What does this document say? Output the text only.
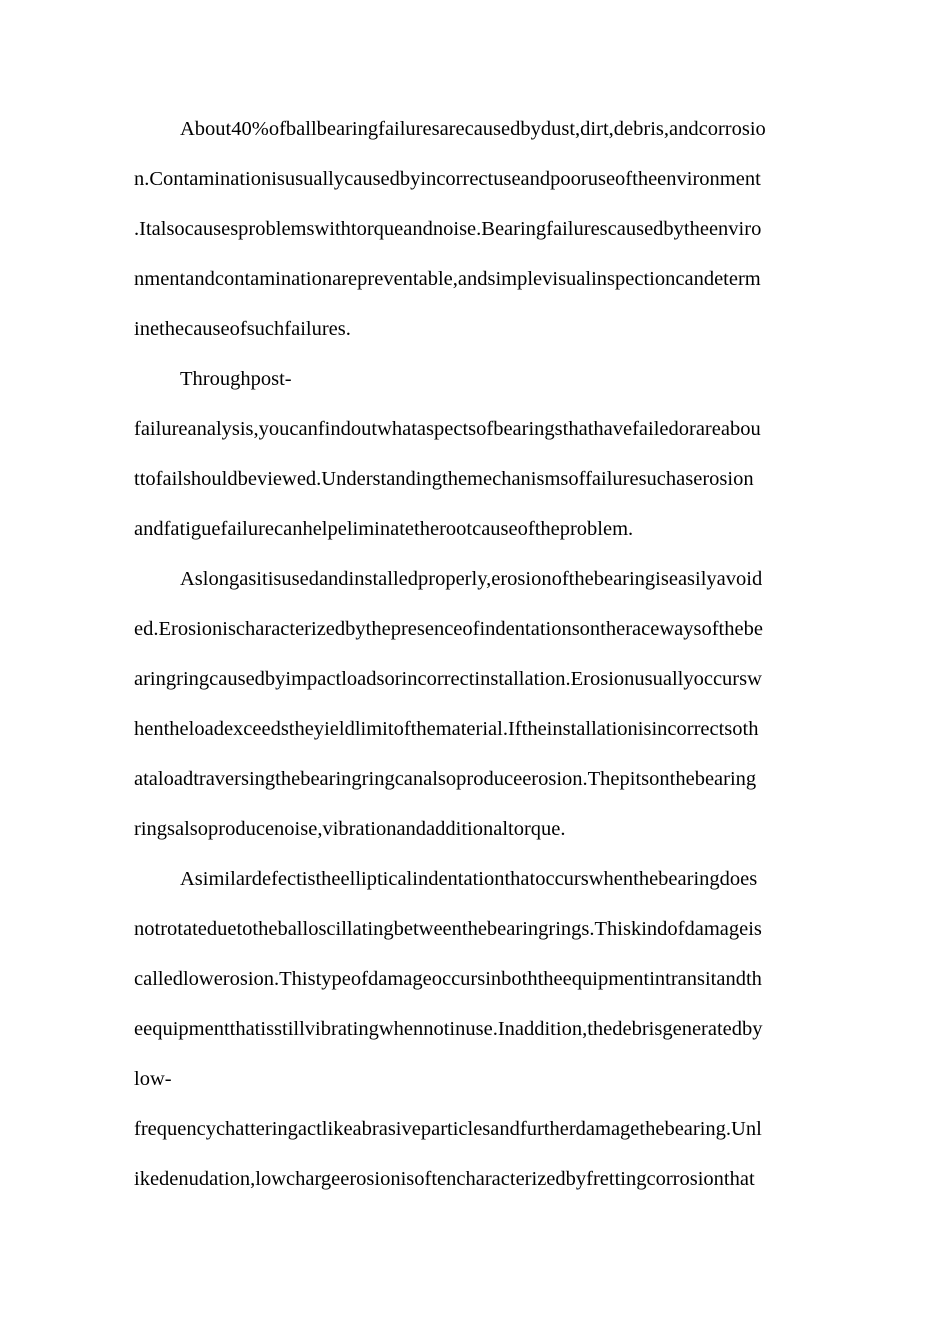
About40%ofballbearingfailuresarecausedbydust,dirt,debris,andcorrosio
n.Contaminationisusuallycausedbyincorrectuseandpooruseoftheenvironment
.Italsocausesproblemswithtorqueandnoise.Bearingfailurescausedbytheenviro
nmentandcontaminationarepreventable,andsimplevisualinspectioncandeterm
inethecauseofsuchfailures.
Throughpost-
failureanalysis,youcanfindoutwhataspectsofbearingsthathavefailedorareabou
ttofailshouldbeviewed.Understandingthemechanismsoffailuresuchaserosion
andfatiguefailurecanhelpeliminatetherootcauseoftheproblem.
Aslongasitisusedandinstalledproperly,erosionofthebearingiseasilyavoid
ed.Erosionischaracterizedbythepresenceofindentationsontheracewaysofthebe
aringringcausedbyimpactloadsorincorrectinstallation.Erosionusuallyoccursw
hentheloadexceedstheyieldlimitofthematerial.Iftheinstallationisincorrectsoth
ataloadtraversingthebearingringcanalsoproduceerosion.Thepitsonthebearing
ringsalsoproducenoise,vibrationandadditionaltorque.
Asimilardefectistheellipticalindentationthatoccurswhenthebearingdoes
notrotateduetotheballoscillatingbetweenthebearingrings.Thiskindofdamageis
calledlowerosion.Thistypeofdamageoccursinboththeequipmentintransitandth
eequipmentthatisstillvibratingwhennotinuse.Inaddition,thedebrisgeneratedby
low-
frequencychatteringactlikeabrasiveparticlesandfurtherdamagethebearing.Unl
ikedenudation,lowchargeerosionisoftencharacterizedbyfrettingcorrosionthat
